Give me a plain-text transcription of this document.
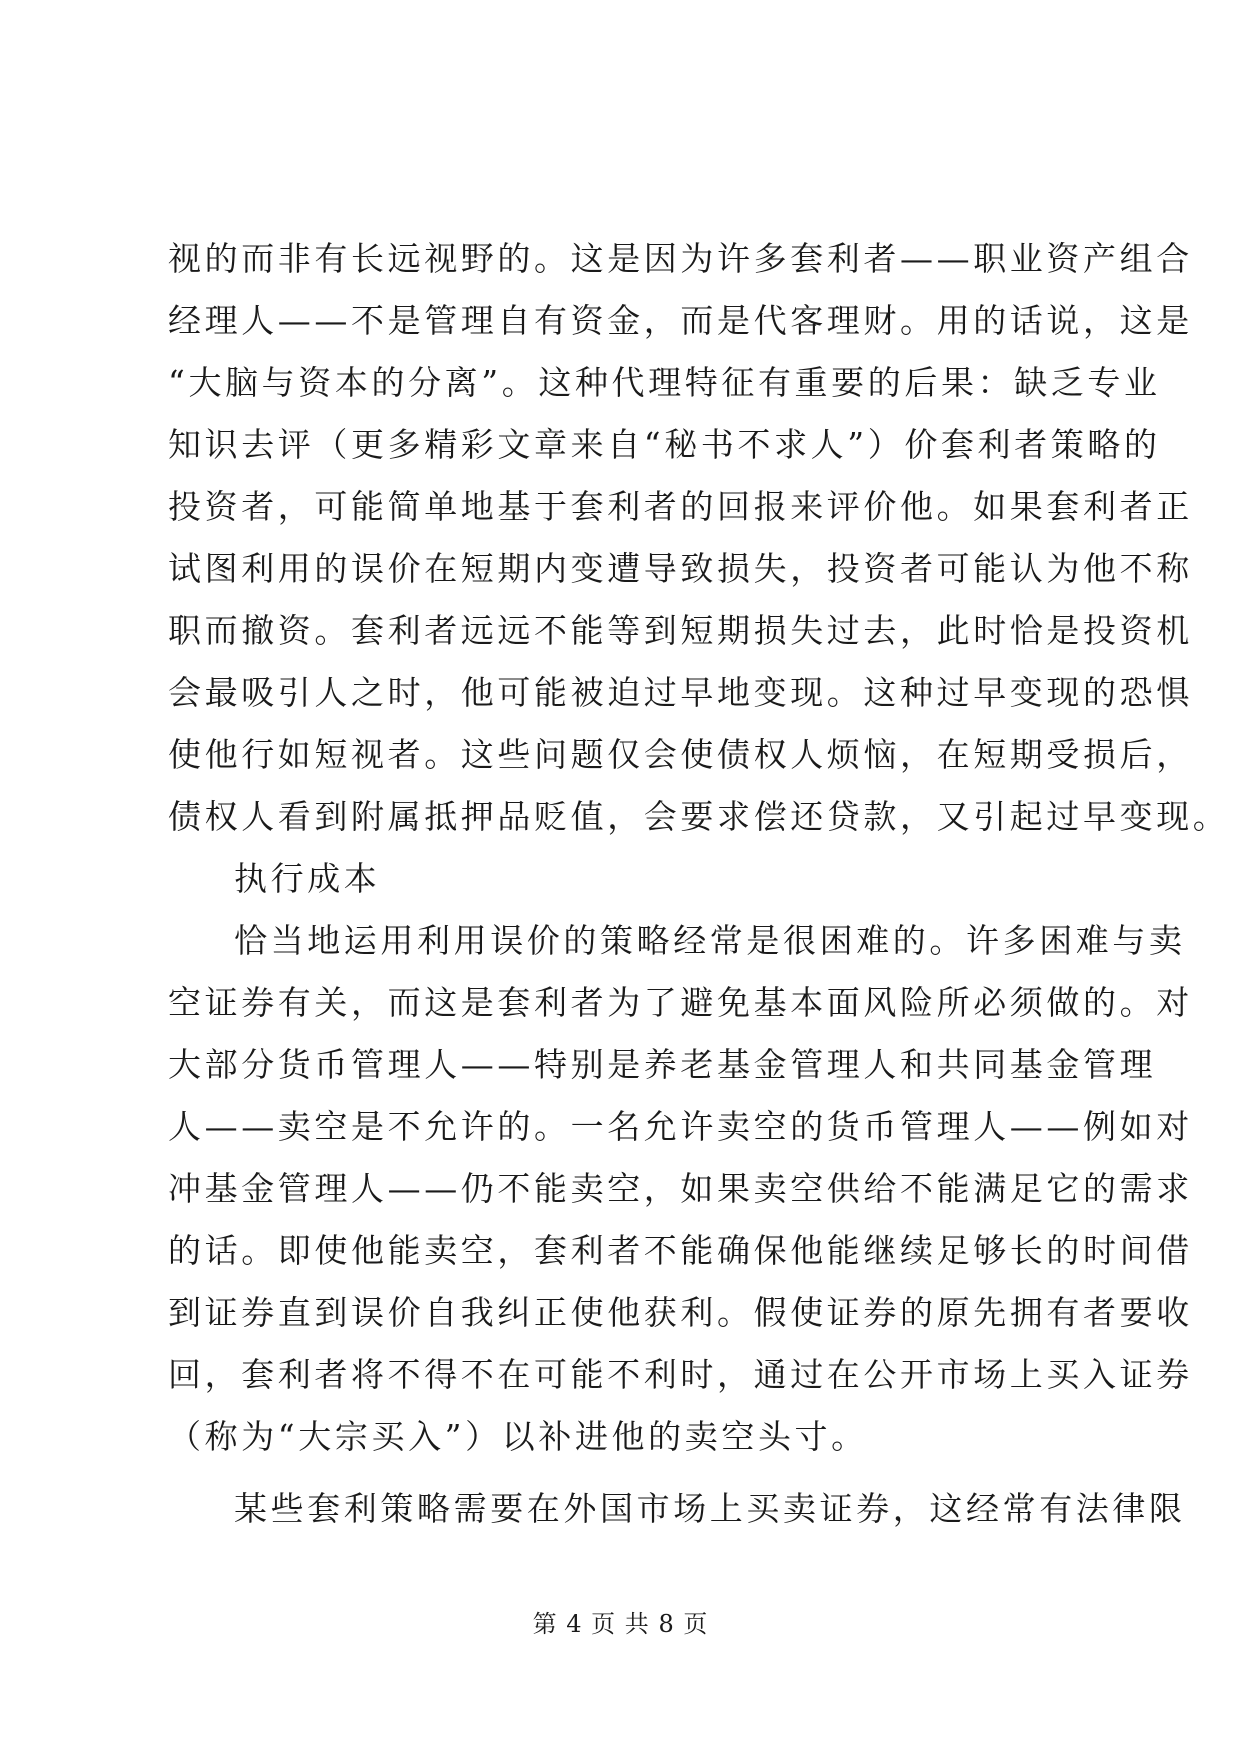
视的而非有长远视野的。这是因为许多套利者——职业资产组合
经理人——不是管理自有资金，而是代客理财。用的话说，这是
“大脑与资本的分离”。这种代理特征有重要的后果：缺乏专业
知识去评（更多精彩文章来自“秘书不求人”）价套利者策略的
投资者，可能简单地基于套利者的回报来评价他。如果套利者正
试图利用的误价在短期内变遭导致损失，投资者可能认为他不称
职而撤资。套利者远远不能等到短期损失过去，此时恰是投资机
会最吸引人之时，他可能被迫过早地变现。这种过早变现的恐惧
使他行如短视者。这些问题仅会使债权人烦恼，在短期受损后，
债权人看到附属抵押品贬值，会要求偿还贷款，又引起过早变现。
执行成本
恰当地运用利用误价的策略经常是很困难的。许多困难与卖
空证券有关，而这是套利者为了避免基本面风险所必须做的。对
大部分货币管理人——特别是养老基金管理人和共同基金管理
人——卖空是不允许的。一名允许卖空的货币管理人——例如对
冲基金管理人——仍不能卖空，如果卖空供给不能满足它的需求
的话。即使他能卖空，套利者不能确保他能继续足够长的时间借
到证券直到误价自我纠正使他获利。假使证券的原先拥有者要收
回，套利者将不得不在可能不利时，通过在公开市场上买入证券
（称为“大宗买入”）以补进他的卖空头寸。
某些套利策略需要在外国市场上买卖证券，这经常有法律限
第 4 页 共 8 页
